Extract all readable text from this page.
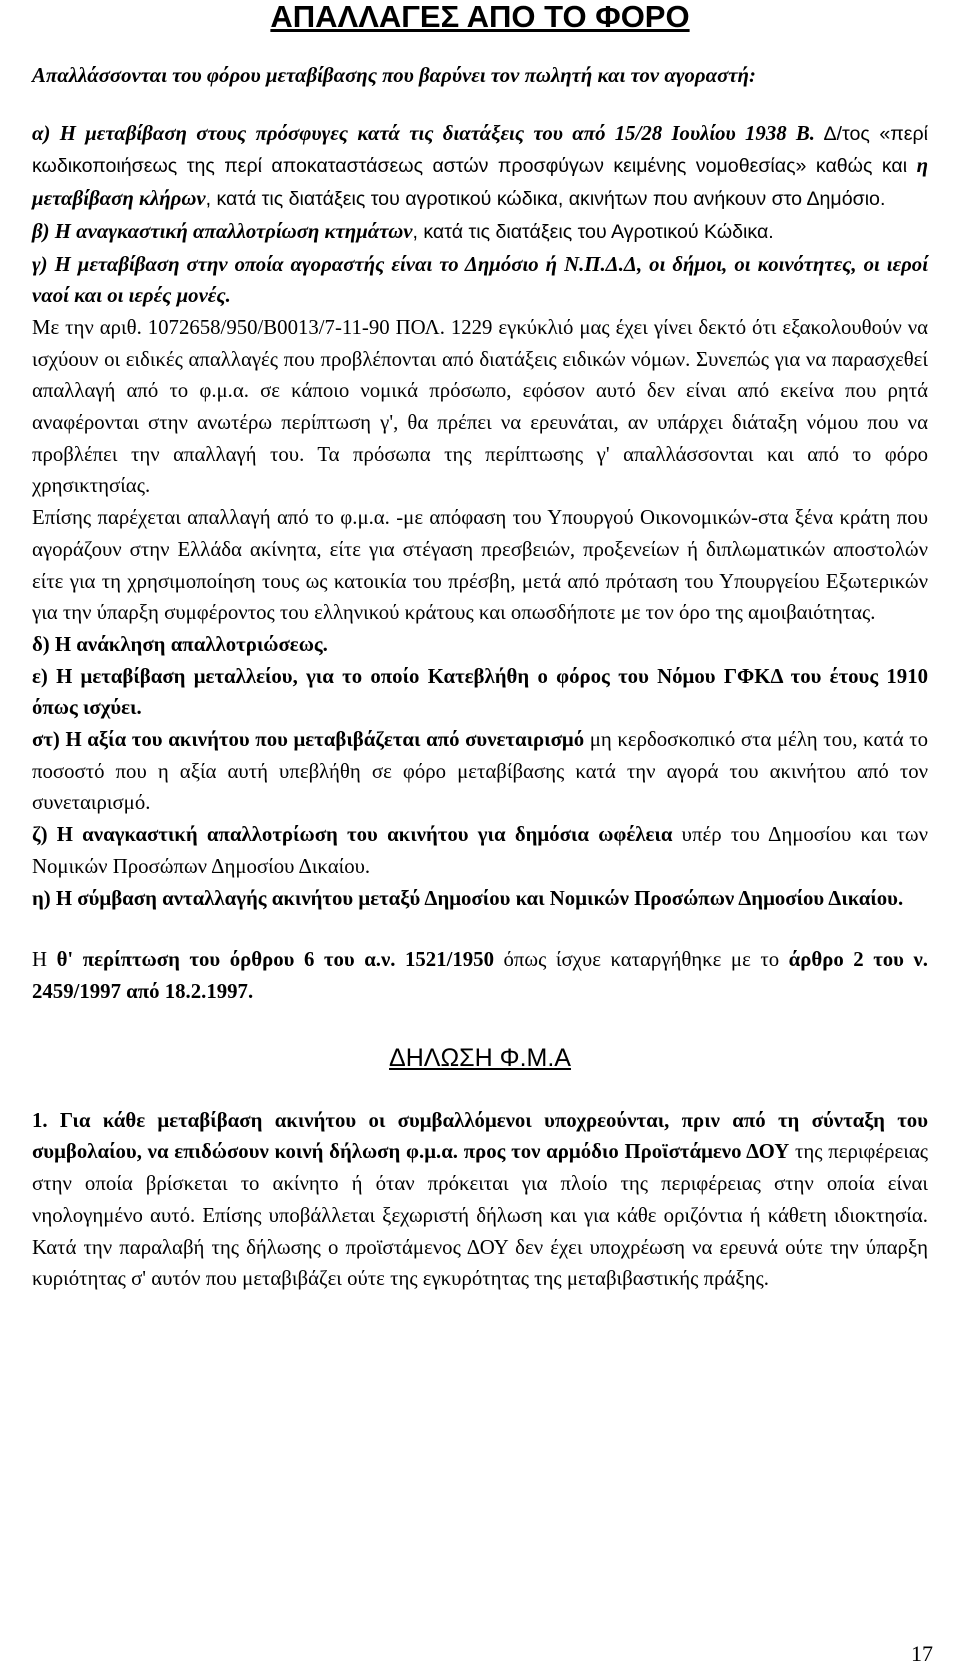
ΑΠΑΛΛΑΓΕΣ ΑΠΟ ΤΟ ΦΟΡΟ

Απαλλάσσονται του φόρου μεταβίβασης που βαρύνει τον πωλητή και τον αγοραστή:

α) Η μεταβίβαση στους πρόσφυγες κατά τις διατάξεις του από 15/28 Ιουλίου 1938 Β. Δ/τος «περί κωδικοποιήσεως της περί αποκαταστάσεως αστών προσφύγων κειμένης νομοθεσίας» καθώς και η μεταβίβαση κλήρων, κατά τις διατάξεις του αγροτικού κώδικα, ακινήτων που ανήκουν στο Δημόσιο.

β) Η αναγκαστική απαλλοτρίωση κτημάτων, κατά τις διατάξεις του Αγροτικού Κώδικα.

γ) Η μεταβίβαση στην οποία αγοραστής είναι το Δημόσιο ή Ν.Π.Δ.Δ, οι δήμοι, οι κοινότητες, οι ιεροί ναοί και οι ιερές μονές.

Με την αριθ. 1072658/950/Β0013/7-11-90 ΠΟΛ. 1229 εγκύκλιό μας έχει γίνει δεκτό ότι εξακολουθούν να ισχύουν οι ειδικές απαλλαγές που προβλέπονται από διατάξεις ειδικών νόμων. Συνεπώς για να παρασχεθεί απαλλαγή από το φ.μ.α. σε κάποιο νομικά πρόσωπο, εφόσον αυτό δεν είναι από εκείνα που ρητά αναφέρονται στην ανωτέρω περίπτωση γ', θα πρέπει να ερευνάται, αν υπάρχει διάταξη νόμου που να προβλέπει την απαλλαγή του. Τα πρόσωπα της περίπτωσης γ' απαλλάσσονται και από το φόρο χρησικτησίας.

Επίσης παρέχεται απαλλαγή από το φ.μ.α. -με απόφαση του Υπουργού Οικονομικών-στα ξένα κράτη που αγοράζουν στην Ελλάδα ακίνητα, είτε για στέγαση πρεσβειών, προξενείων ή διπλωματικών αποστολών είτε για τη χρησιμοποίηση τους ως κατοικία του πρέσβη, μετά από πρόταση του Υπουργείου Εξωτερικών για την ύπαρξη συμφέροντος του ελληνικού κράτους και οπωσδήποτε με τον όρο της αμοιβαιότητας.

δ) Η ανάκληση απαλλοτριώσεως.

ε) Η μεταβίβαση μεταλλείου, για το οποίο Κατεβλήθη ο φόρος του Νόμου ΓΦΚΔ του έτους 1910 όπως ισχύει.

στ) Η αξία του ακινήτου που μεταβιβάζεται από συνεταιρισμό μη κερδοσκοπικό στα μέλη του, κατά το ποσοστό που η αξία αυτή υπεβλήθη σε φόρο μεταβίβασης κατά την αγορά του ακινήτου από τον συνεταιρισμό.

ζ) Η αναγκαστική απαλλοτρίωση του ακινήτου για δημόσια ωφέλεια υπέρ του Δημοσίου και των Νομικών Προσώπων Δημοσίου Δικαίου.

η) Η σύμβαση ανταλλαγής ακινήτου μεταξύ Δημοσίου και Νομικών Προσώπων Δημοσίου Δικαίου.

Η θ' περίπτωση του όρθρου 6 του α.ν. 1521/1950 όπως ίσχυε καταργήθηκε με το άρθρο 2 του ν. 2459/1997 από 18.2.1997.

ΔΗΛΩΣΗ Φ.Μ.Α

1. Για κάθε μεταβίβαση ακινήτου οι συμβαλλόμενοι υποχρεούνται, πριν από τη σύνταξη του συμβολαίου, να επιδώσουν κοινή δήλωση φ.μ.α. προς τον αρμόδιο Προϊστάμενο ΔΟΥ της περιφέρειας στην οποία βρίσκεται το ακίνητο ή όταν πρόκειται για πλοίο της περιφέρειας στην οποία είναι νηολογημένο αυτό. Επίσης υποβάλλεται ξεχωριστή δήλωση και για κάθε οριζόντια ή κάθετη ιδιοκτησία. Κατά την παραλαβή της δήλωσης ο προϊστάμενος ΔΟΥ δεν έχει υποχρέωση να ερευνά ούτε την ύπαρξη κυριότητας σ' αυτόν που μεταβιβάζει ούτε της εγκυρότητας της μεταβιβαστικής πράξης.

17
